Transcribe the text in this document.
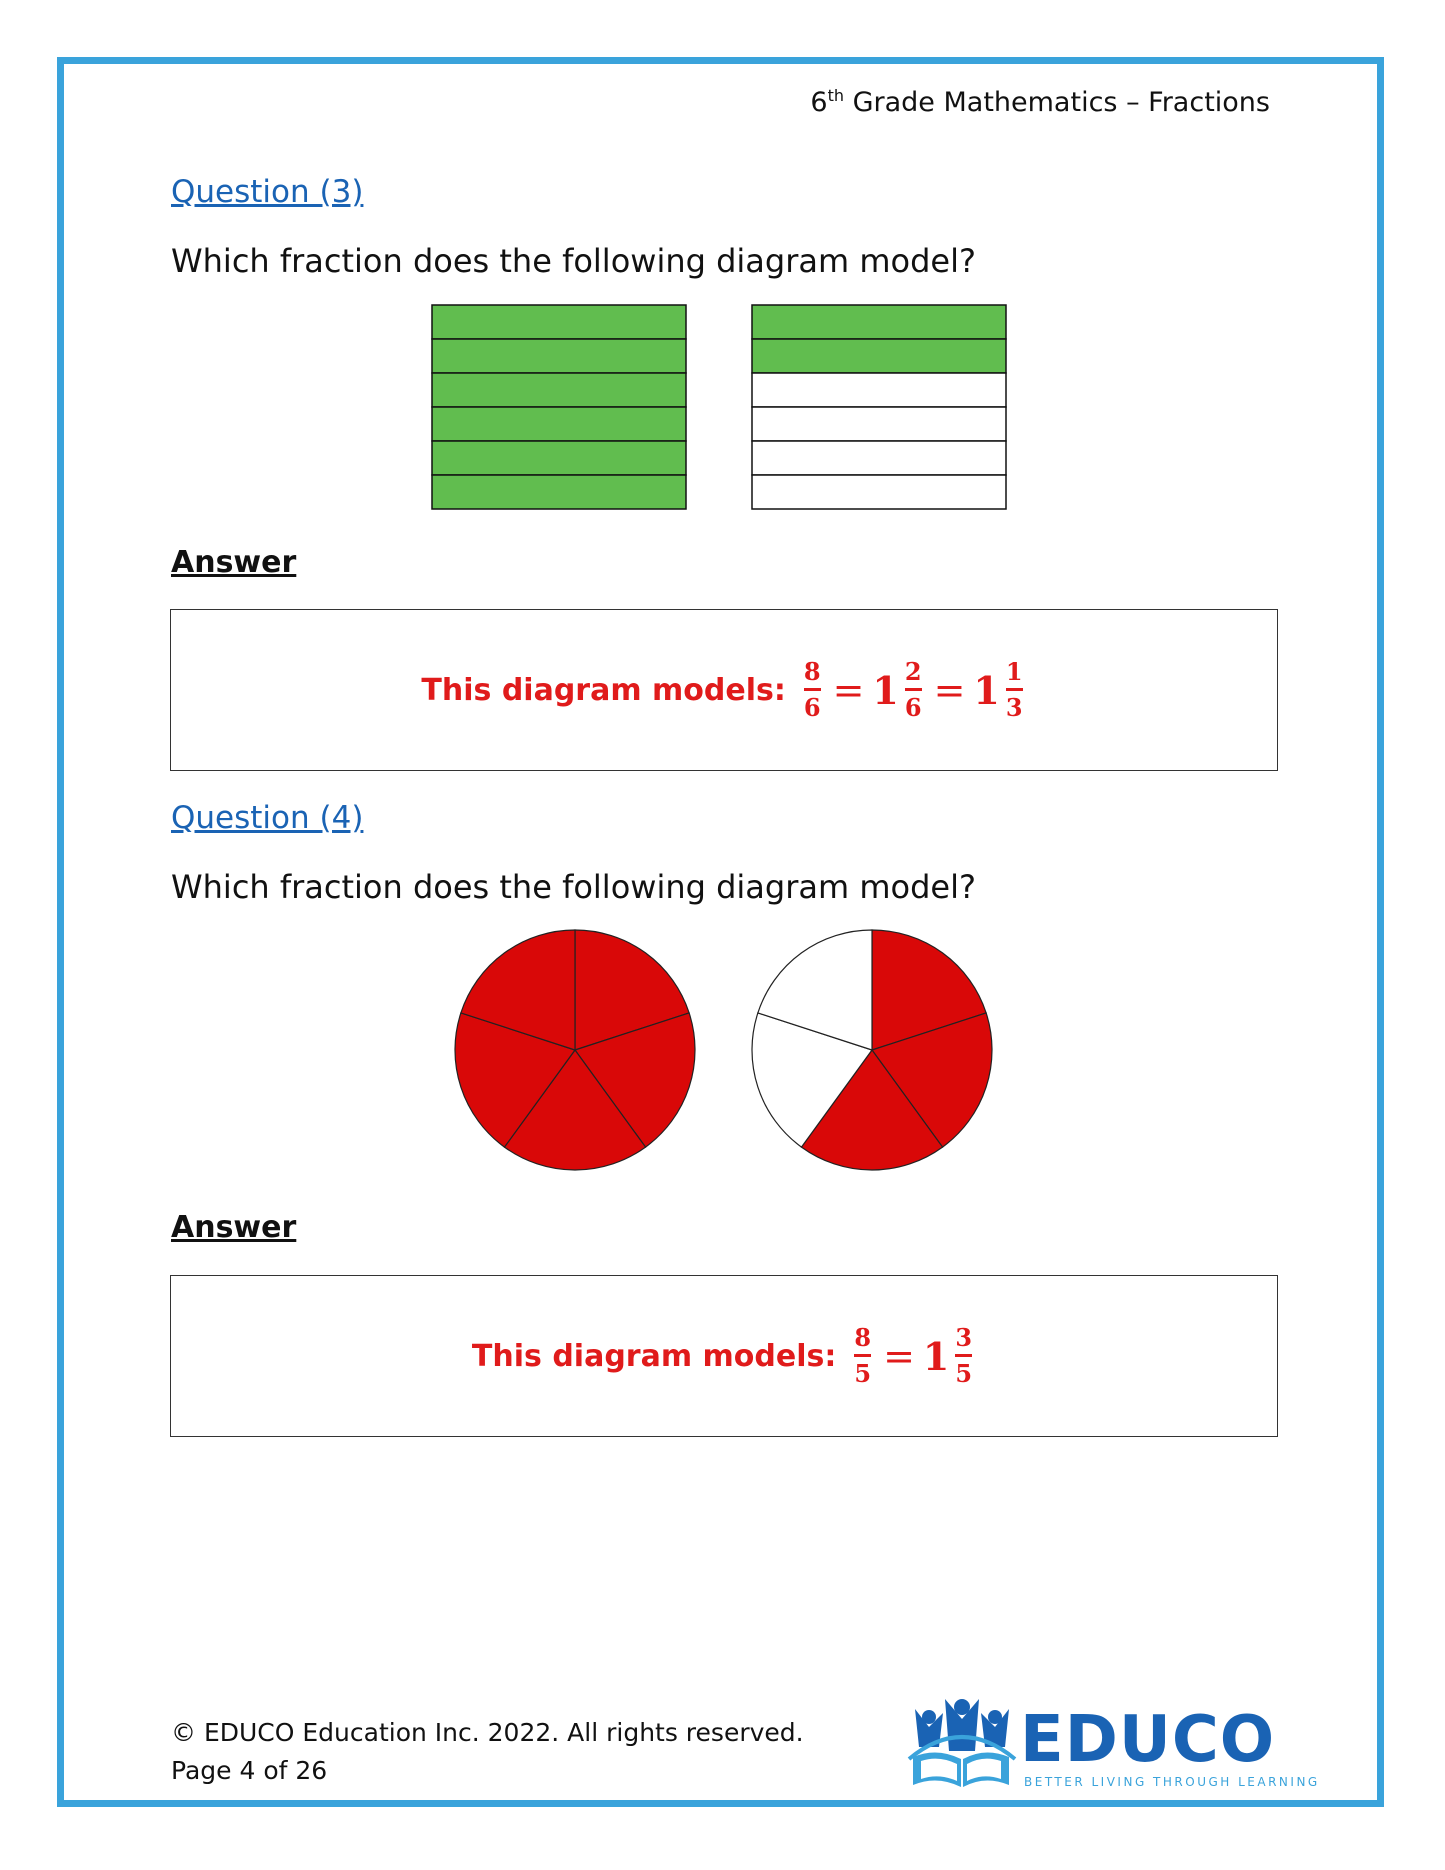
6th Grade Mathematics – Fractions
Question (3)
Which fraction does the following diagram model?
Answer
This diagram models: $\frac{8}{6} = 1 \frac{2}{6} = 1 \frac{1}{3}$
Question (4)
Which fraction does the following diagram model?
Answer
This diagram models: $\frac{8}{5} = 1 \frac{3}{5}$
© EDUCO Education Inc. 2022. All rights reserved.
Page 4 of 26	EDUCO
BETTER LIVING THROUGH LEARNING
